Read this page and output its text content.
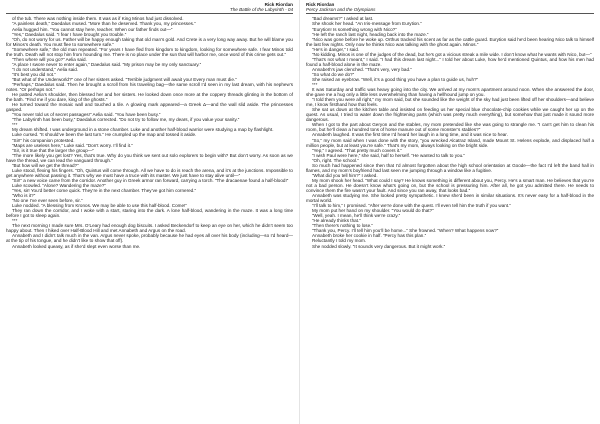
Rick Riordan
The Battle of the Labyrinth - 04

of the tub. There was nothing inside them. It was as if King Minos had just dissolved.

“A painless death,” Daedalus mused. “More than he deserved. Thank you, my princesses.”

Aelia hugged him. “You cannot stay here, teacher. When our father finds out—”

“Yes,” Daedalus said. “I fear I have brought you trouble.”

“Oh, do not worry for us. Father will be happy enough taking that old man’s gold. And Crete is a very long way away. But he will blame you for Minos’s death. You must flee to somewhere safe.”

“Somewhere safe,” the old man repeated. “For years I have fled from kingdom to kingdom, looking for somewhere safe. I fear Minos told the truth. Death will not stop him from hounding me. There is no place under the sun that will harbor me, once word of this crime gets out.”

“Then where will you go?” Aelia said.

“A place I swore never to enter again,” Daedalus said. “My prison may be my only sanctuary.”

“I do not understand,” Aelia said.

“It’s best you did not.”

“But what of the Underworld?” one of her sisters asked. “Terrible judgment will await you! Every man must die.”

“Perhaps,” Daedalus said. Then he brought a scroll from his traveling bag—the same scroll I’d seen in my last dream, with his nephew’s notes. “Or perhaps not.”

He patted Aelia’s shoulder, then blessed her and her sisters. He looked down once more at the coppery threads glinting in the bottom of the bath. “Find me if you dare, king of the ghosts.”

He turned toward the mosaic wall and touched a tile. A glowing mark appeared—a Greek Δ—and the wall slid aside. The princesses gasped.

“You never told us of secret passages!” Aelia said. “You have been busy.”

“The Labyrinth has been busy,” Daedalus corrected. “Do not try to follow me, my dears, if you value your sanity.”

***

My dream shifted. I was underground in a stone chamber. Luke and another half-blood warrior were studying a map by flashlight.

Luke cursed. “It should’ve been the last turn.” He crumpled up the map and tossed it aside.

“Sir!” his companion protested.

“Maps are useless here,” Luke said. “Don’t worry. I’ll find it.”

“Sir, is it true that the larger the group—”

“The more likely you get lost? Yes, that’s true. Why do you think we sent out solo explorers to begin with? But don’t worry. As soon as we have the thread, we can lead the vanguard through.”

“But how will we get the thread?”

Luke stood, flexing his fingers. “Oh, Quintus will come through. All we have to do is reach the arena, and it’s at the junctions. Impossible to get anywhere without passing it. That’s why we must have a truce with its master. We just have to stay alive until—”

“Sir!” a new voice came from the corridor. Another guy in Greek armor ran forward, carrying a torch. “The dracaenae found a half-blood!”

Luke scowled. “Alone? Wandering the maze?”

“Yes, sir! You’d better come quick. They’re in the next chamber. They’ve got him cornered.”

“Who is it?”

“No one I’ve ever seen before, sir.”

Luke nodded. “A blessing from Kronos. We may be able to use this half-blood. Come!”

They ran down the corridor, and I woke with a start, staring into the dark. A lone half-blood, wandering in the maze. It was a long time before I got to sleep again.

***

The next morning I made sure Mrs. O’Leary had enough dog biscuits. I asked Beckendorf to keep an eye on her, which he didn’t seem too happy about. Then I hiked over Half-Blood Hill and met Annabeth and Argus on the road.

Annabeth and I didn’t talk much in the van. Argus never spoke, probably because he had eyes all over his body (including—so I’d heard—at the tip of his tongue, and he didn’t like to show that off).

Annabeth looked queasy, as if she’d slept even worse than me.

Rick Riordan
Percy Jackson and the Olympians

“Bad dreams?” I asked at last.

She shook her head. “An Iris-message from Eurytion.”

“Eurytion! Is something wrong with Nico?”

“He left the ranch last night, heading back into the maze.”

“Nico was gone before he woke up. Orthus tracked his scent as far as the cattle guard. Eurytion said he’d been hearing Nico talk to himself the last few nights. Only now he thinks Nico was talking with the ghost again. Minos.”

“He’s in danger,” I said.

“No kidding. Minos is one of the judges of the dead, but he’s got a vicious streak a mile wide. I don’t know what he wants with Nico, but—”

“That’s not what I meant,” I said. “I had this dream last night...” I told her about Luke, how he’d mentioned Quintus, and how his men had found a half-blood alone in the maze.

Annabeth’s jaw clenched. “That’s very, very bad.”

“So what do we do?”

She raised an eyebrow. “Well, it’s a good thing you have a plan to guide us, huh?”

***

It was Saturday and traffic was heavy going into the city. We arrived at my mom’s apartment around noon. When she answered the door, she gave me a hug only a little less overwhelming than having a hellhound jump on you.

“I told them you were all right,” my mom said, but she sounded like the weight of the sky had just been lifted off her shoulders—and believe me, I know firsthand how that feels.

She sat us down at the kitchen table and insisted on feeding us her special blue chocolate-chip cookies while we caught her up on the quest. As usual, I tried to water down the frightening parts (which was pretty much everything), but somehow that just made it sound more dangerous.

When I got to the part about Geryon and the stables, my mom pretended like she was going to strangle me. “I can’t get him to clean his room, but he’ll clean a hundred tons of horse manure out of some monster’s stables?”

Annabeth laughed. It was the first time I’d heard her laugh in a long time, and it was nice to hear.

“So,” my mom said when I was done with the story, “you wrecked Alcatraz Island, made Mount St. Helens explode, and displaced half a million people, but at least you’re safe.” That’s my mom, always looking on the bright side.

“Yep,” I agreed. “That pretty much covers it.”

“I wish Paul were here,” she said, half to herself. “He wanted to talk to you.”

“Oh, right. The school.”

So much had happened since then that I’d almost forgotten about the high school orientation at Goode—the fact I’d left the band hall in flames, and my mom’s boyfriend had last seen me jumping through a window like a fugitive.

“What did you tell him?” I asked.

My mom shook her head. “What could I say? He knows something is different about you, Percy. He’s a smart man. He believes that you’re not a bad person. He doesn’t know what’s going on, but the school is pressuring him. After all, he got you admitted there. He needs to convince them the fire wasn’t your fault. And since you ran away, that looks bad.”

Annabeth was studying me. She looked pretty sympathetic. I knew she’d been in similar situations. It’s never easy for a half-blood in the mortal world.

“I’ll talk to him,” I promised. “After we’re done with the quest. I’ll even tell him the truth if you want.”

My mom put her hand on my shoulder. “You would do that?”

“Well, yeah. I mean, he’ll think we’re crazy.”

“He already thinks that.”

“Then there’s nothing to lose.”

“Thank you, Percy. I’ll tell him you’ll be home...” She frowned. “When? What happens now?”

Annabeth broke her cookie in half. “Percy has this plan.”

Reluctantly I told my mom.

She nodded slowly. “It sounds very dangerous. But it might work.”
